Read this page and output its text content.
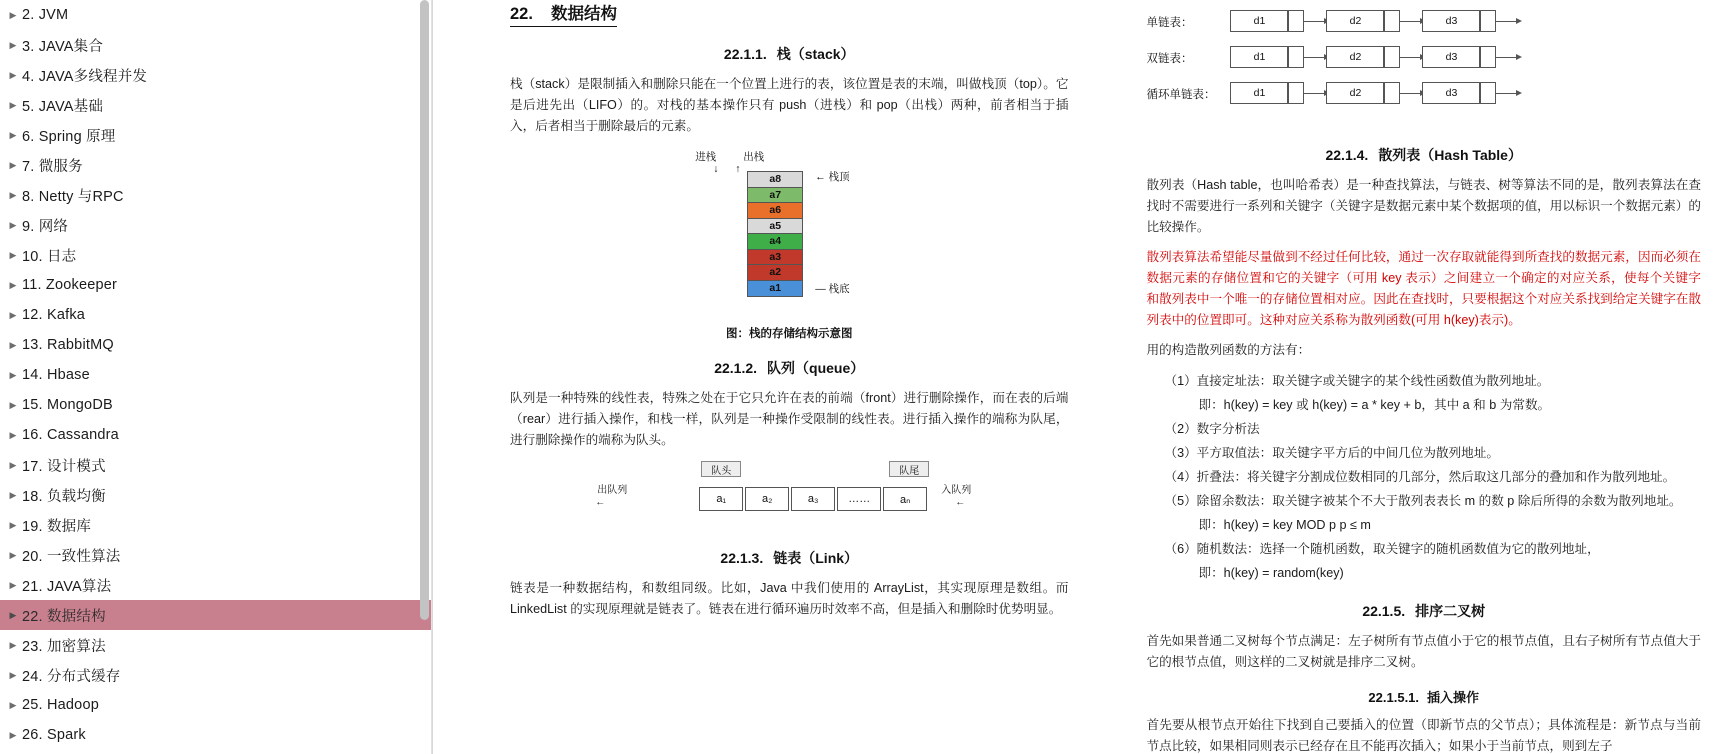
▶ 2. JVM
▶ 3. JAVA集合
▶ 4. JAVA多线程并发
▶ 5. JAVA基础
▶ 6. Spring 原理
▶ 7. 微服务
▶ 8. Netty 与RPC
▶ 9. 网络
▶ 10. 日志
▶ 11. Zookeeper
▶ 12. Kafka
▶ 13. RabbitMQ
▶ 14. Hbase
▶ 15. MongoDB
▶ 16. Cassandra
▶ 17. 设计模式
▶ 18. 负载均衡
▶ 19. 数据库
▶ 20. 一致性算法
▶ 21. JAVA算法
▶ 22. 数据结构
▶ 23. 加密算法
▶ 24. 分布式缓存
▶ 25. Hadoop
▶ 26. Spark
22. 数据结构
22.1.1. 栈（stack）

栈（stack）是限制插入和删除只能在一个位置上进行的表，该位置是表的末端，叫做栈顶（top）。它是后进先出（LIFO）的。对栈的基本操作只有 push（进栈）和 pop（出栈）两种，前者相当于插入，后者相当于删除最后的元素。

进栈
↓
出栈
↑
a8
a7
a6
a5
a4
a3
a2
a1
← 栈顶
— 栈底
图：栈的存储结构示意图
22.1.2. 队列（queue）

队列是一种特殊的线性表，特殊之处在于它只允许在表的前端（front）进行删除操作，而在表的后端（rear）进行插入操作，和栈一样，队列是一种操作受限制的线性表。进行插入操作的端称为队尾，进行删除操作的端称为队头。

队头	队尾
出队列	入队列
←	←
a₁	a₂	a₃	……	aₙ
22.1.3. 链表（Link）

链表是一种数据结构，和数组同级。比如，Java 中我们使用的 ArrayList，其实现原理是数组。而 LinkedList 的实现原理就是链表了。链表在进行循环遍历时效率不高，但是插入和删除时优势明显。

单链表：	d1	d2	d3
双链表：	d1	d2	d3
循环单链表：	d1	d2	d3
22.1.4. 散列表（Hash Table）

散列表（Hash table，也叫哈希表）是一种查找算法，与链表、树等算法不同的是，散列表算法在查找时不需要进行一系列和关键字（关键字是数据元素中某个数据项的值，用以标识一个数据元素）的比较操作。

散列表算法希望能尽量做到不经过任何比较，通过一次存取就能得到所查找的数据元素，因而必须在数据元素的存储位置和它的关键字（可用 key 表示）之间建立一个确定的对应关系，使每个关键字和散列表中一个唯一的存储位置相对应。因此在查找时，只要根据这个对应关系找到给定关键字在散列表中的位置即可。这种对应关系称为散列函数(可用 h(key)表示)。

用的构造散列函数的方法有：

（1）直接定址法：取关键字或关键字的某个线性函数值为散列地址。
即：h(key) = key 或 h(key) = a * key + b，其中 a 和 b 为常数。
（2）数字分析法
（3）平方取值法：取关键字平方后的中间几位为散列地址。
（4）折叠法：将关键字分割成位数相同的几部分，然后取这几部分的叠加和作为散列地址。
（5）除留余数法：取关键字被某个不大于散列表表长 m 的数 p 除后所得的余数为散列地址。
即：h(key) = key MOD p p ≤ m
（6）随机数法：选择一个随机函数，取关键字的随机函数值为它的散列地址，
即：h(key) = random(key)
22.1.5. 排序二叉树

首先如果普通二叉树每个节点满足：左子树所有节点值小于它的根节点值，且右子树所有节点值大于它的根节点值，则这样的二叉树就是排序二叉树。

22.1.5.1. 插入操作

首先要从根节点开始往下找到自己要插入的位置（即新节点的父节点）；具体流程是：新节点与当前节点比较，如果相同则表示已经存在且不能再次插入；如果小于当前节点，则到左子
